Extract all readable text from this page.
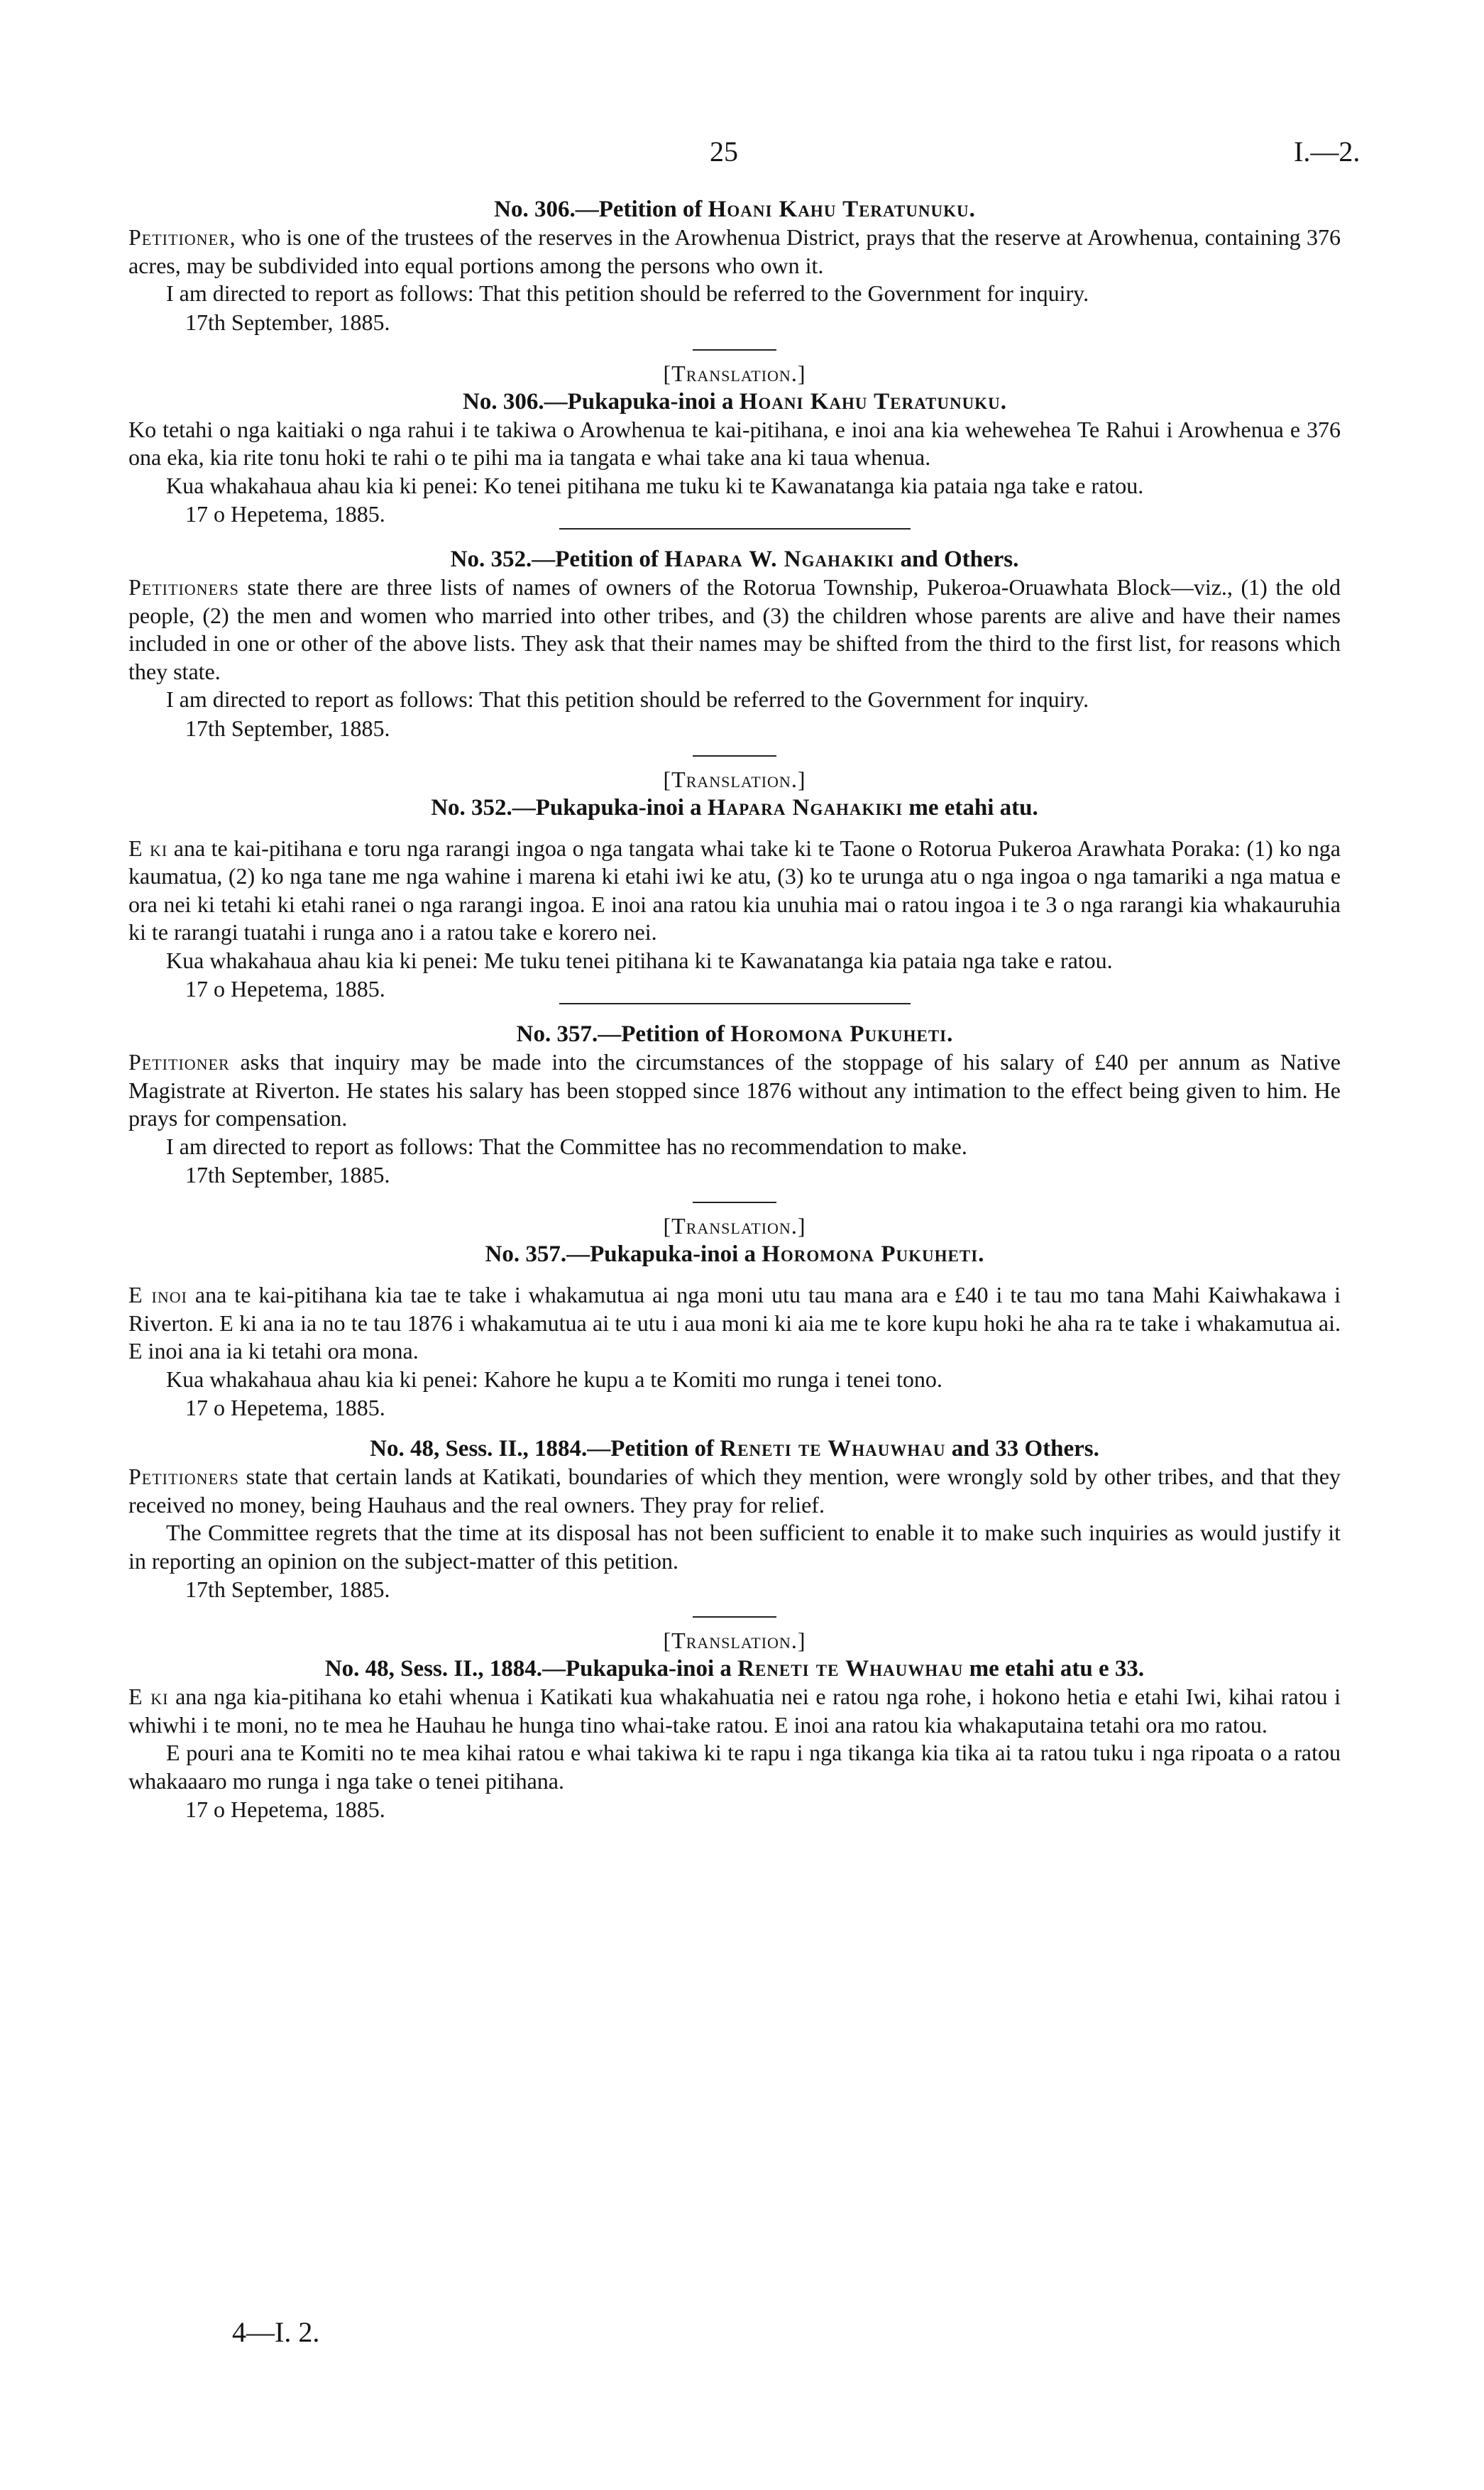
25	I.—2.
No. 306.—Petition of Hoani Kahu Teratunuku.

Petitioner, who is one of the trustees of the reserves in the Arowhenua District, prays that the reserve at Arowhenua, containing 376 acres, may be subdivided into equal portions among the persons who own it.

I am directed to report as follows: That this petition should be referred to the Government for inquiry.

17th September, 1885.
[Translation.]
No. 306.—Pukapuka-inoi a Hoani Kahu Teratunuku.

Ko tetahi o nga kaitiaki o nga rahui i te takiwa o Arowhenua te kai-pitihana, e inoi ana kia wehewehea Te Rahui i Arowhenua e 376 ona eka, kia rite tonu hoki te rahi o te pihi ma ia tangata e whai take ana ki taua whenua.

Kua whakahaua ahau kia ki penei: Ko tenei pitihana me tuku ki te Kawanatanga kia pataia nga take e ratou.

17 o Hepetema, 1885.
No. 352.—Petition of Hapara W. Ngahakiki and Others.

Petitioners state there are three lists of names of owners of the Rotorua Township, Pukeroa-Oruawhata Block—viz., (1) the old people, (2) the men and women who married into other tribes, and (3) the children whose parents are alive and have their names included in one or other of the above lists. They ask that their names may be shifted from the third to the first list, for reasons which they state.

I am directed to report as follows: That this petition should be referred to the Government for inquiry.

17th September, 1885.
[Translation.]
No. 352.—Pukapuka-inoi a Hapara Ngahakiki me etahi atu.

E ki ana te kai-pitihana e toru nga rarangi ingoa o nga tangata whai take ki te Taone o Rotorua Pukeroa Arawhata Poraka: (1) ko nga kaumatua, (2) ko nga tane me nga wahine i marena ki etahi iwi ke atu, (3) ko te urunga atu o nga ingoa o nga tamariki a nga matua e ora nei ki tetahi ki etahi ranei o nga rarangi ingoa. E inoi ana ratou kia unuhia mai o ratou ingoa i te 3 o nga rarangi kia whakauruhia ki te rarangi tuatahi i runga ano i a ratou take e korero nei.

Kua whakahaua ahau kia ki penei: Me tuku tenei pitihana ki te Kawanatanga kia pataia nga take e ratou.

17 o Hepetema, 1885.
No. 357.—Petition of Horomona Pukuheti.

Petitioner asks that inquiry may be made into the circumstances of the stoppage of his salary of £40 per annum as Native Magistrate at Riverton. He states his salary has been stopped since 1876 without any intimation to the effect being given to him. He prays for compensation.

I am directed to report as follows: That the Committee has no recommendation to make.

17th September, 1885.
[Translation.]
No. 357.—Pukapuka-inoi a Horomona Pukuheti.

E inoi ana te kai-pitihana kia tae te take i whakamutua ai nga moni utu tau mana ara e £40 i te tau mo tana Mahi Kaiwhakawa i Riverton. E ki ana ia no te tau 1876 i whakamutua ai te utu i aua moni ki aia me te kore kupu hoki he aha ra te take i whakamutua ai. E inoi ana ia ki tetahi ora mona.

Kua whakahaua ahau kia ki penei: Kahore he kupu a te Komiti mo runga i tenei tono.

17 o Hepetema, 1885.
No. 48, Sess. II., 1884.—Petition of Reneti te Whauwhau and 33 Others.

Petitioners state that certain lands at Katikati, boundaries of which they mention, were wrongly sold by other tribes, and that they received no money, being Hauhaus and the real owners. They pray for relief.

The Committee regrets that the time at its disposal has not been sufficient to enable it to make such inquiries as would justify it in reporting an opinion on the subject-matter of this petition.

17th September, 1885.
[Translation.]
No. 48, Sess. II., 1884.—Pukapuka-inoi a Reneti te Whauwhau me etahi atu e 33.

E ki ana nga kia-pitihana ko etahi whenua i Katikati kua whakahuatia nei e ratou nga rohe, i hokono hetia e etahi Iwi, kihai ratou i whiwhi i te moni, no te mea he Hauhau he hunga tino whai-take ratou. E inoi ana ratou kia whakaputaina tetahi ora mo ratou.

E pouri ana te Komiti no te mea kihai ratou e whai takiwa ki te rapu i nga tikanga kia tika ai ta ratou tuku i nga ripoata o a ratou whakaaaro mo runga i nga take o tenei pitihana.

17 o Hepetema, 1885.
4—I. 2.
